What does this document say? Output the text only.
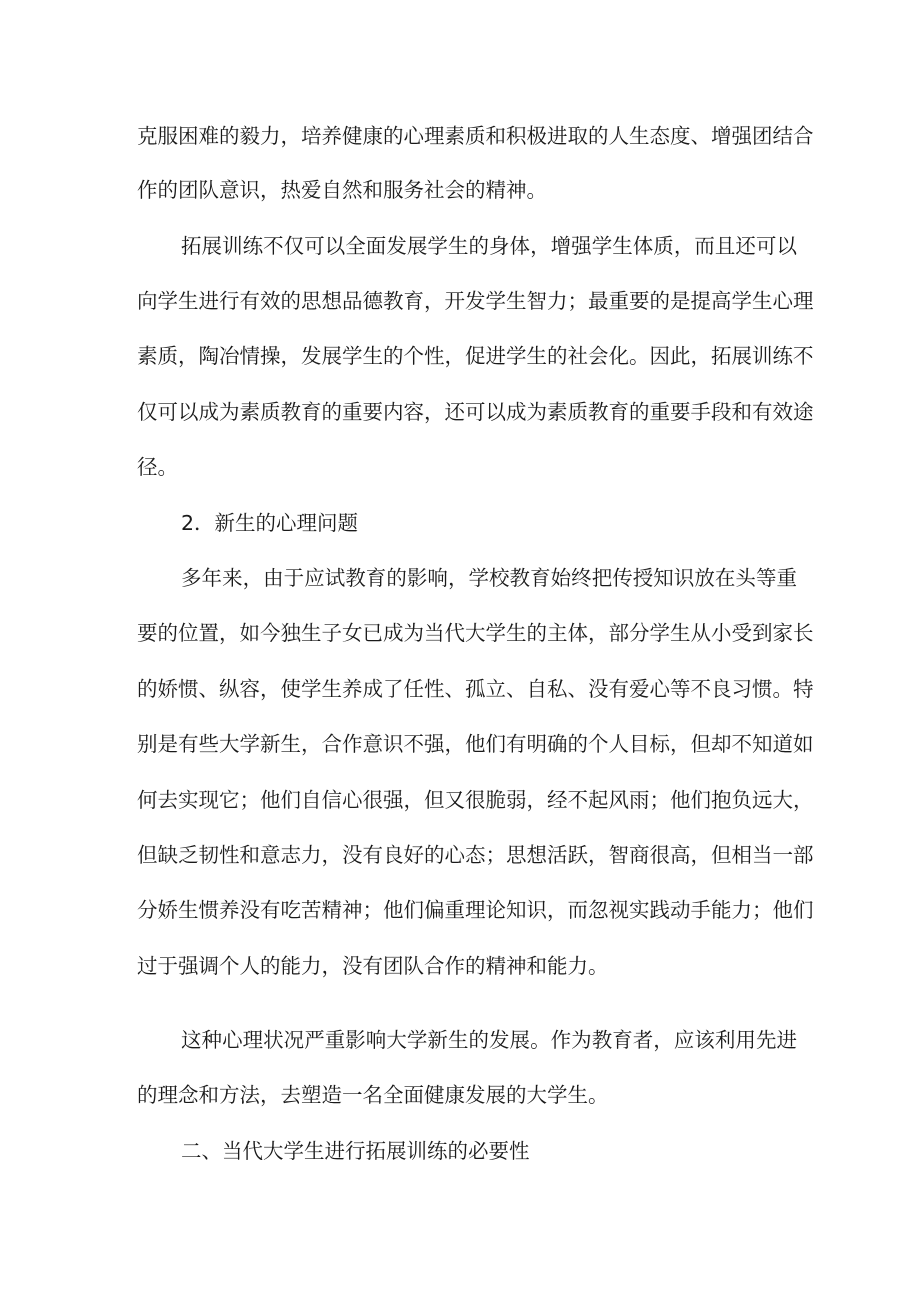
克服困难的毅力，培养健康的心理素质和积极进取的人生态度、增强团结合
作的团队意识，热爱自然和服务社会的精神。
拓展训练不仅可以全面发展学生的身体，增强学生体质，而且还可以
向学生进行有效的思想品德教育，开发学生智力；最重要的是提高学生心理
素质，陶冶情操，发展学生的个性，促进学生的社会化。因此，拓展训练不
仅可以成为素质教育的重要内容，还可以成为素质教育的重要手段和有效途
径。
2．新生的心理问题
多年来，由于应试教育的影响，学校教育始终把传授知识放在头等重
要的位置，如今独生子女已成为当代大学生的主体，部分学生从小受到家长
的娇惯、纵容，使学生养成了任性、孤立、自私、没有爱心等不良习惯。特
别是有些大学新生，合作意识不强，他们有明确的个人目标，但却不知道如
何去实现它；他们自信心很强，但又很脆弱，经不起风雨；他们抱负远大，
但缺乏韧性和意志力，没有良好的心态；思想活跃，智商很高，但相当一部
分娇生惯养没有吃苦精神；他们偏重理论知识，而忽视实践动手能力；他们
过于强调个人的能力，没有团队合作的精神和能力。
这种心理状况严重影响大学新生的发展。作为教育者，应该利用先进
的理念和方法，去塑造一名全面健康发展的大学生。
二、当代大学生进行拓展训练的必要性
